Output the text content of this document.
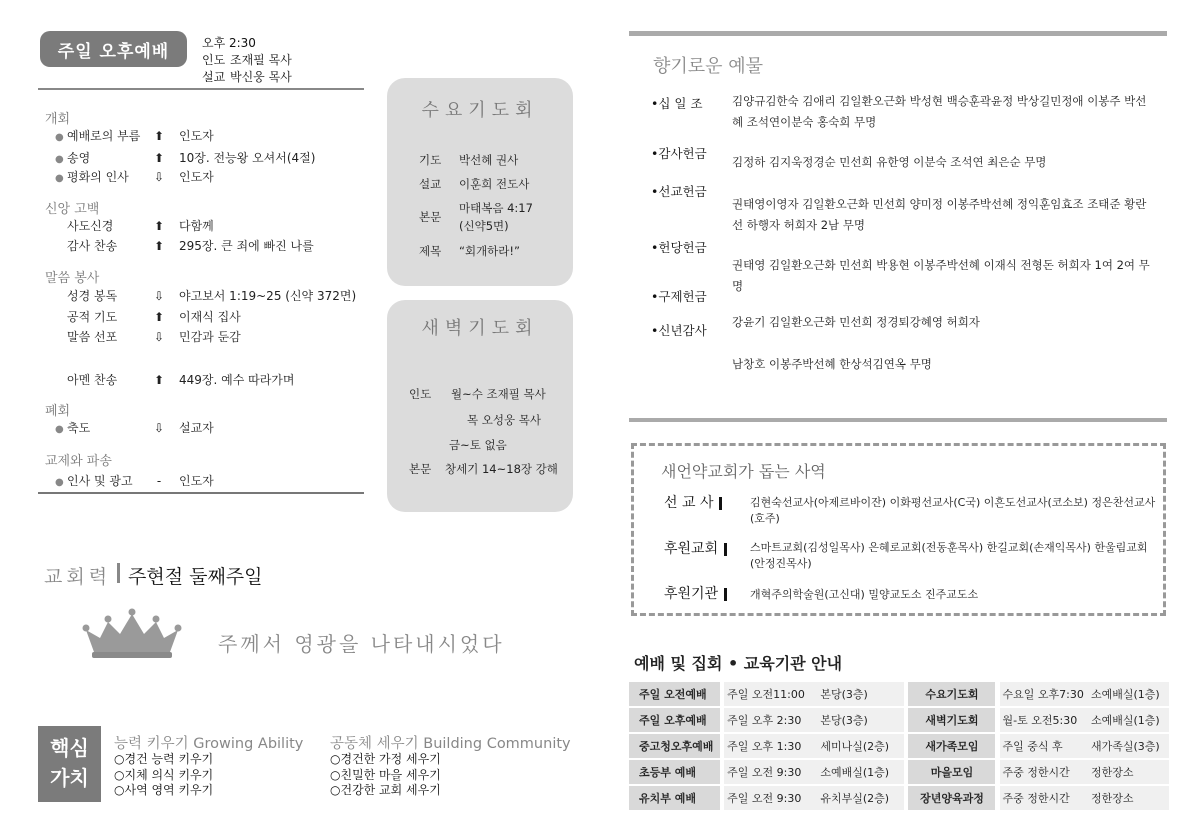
주일 오후예배	오후 2:30
인도 조재필 목사
설교 박신웅 목사
개회
● 예배로의 부름 ⬆ 인도자
● 송영	⬆ 10장. 전능왕 오셔서(4절)
● 평화의 인사 ⇩ 인도자
신앙 고백
사도신경	⬆ 다함께
감사 찬송	⬆ 295장. 큰 죄에 빠진 나를
말씀 봉사
성경 봉독	⇩ 야고보서 1:19~25 (신약 372면)
공적 기도	⬆ 이재식 집사
말씀 선포	⇩ 민감과 둔감
아멘 찬송	⬆ 449장. 예수 따라가며
폐회
● 축도	⇩ 설교자
교제와 파송
● 인사 및 광고	-	인도자
수요기도회
기도 박선혜 권사
설교 이훈희 전도사
본문
마태복음 4:17
(신약5면)
제목 “회개하라!”
새벽기도회
인도 월~수 조재필 목사
목 오성웅 목사
금~토 없음
본문 창세기 14~18장 강해
교회력 주현절 둘째주일
주께서 영광을 나타내시었다
핵심
가치
능력 키우기 Growing Ability
○경건 능력 키우기
○지체 의식 키우기
○사역 영역 키우기
공동체 세우기 Building Community
○경건한 가정 세우기
○친밀한 마을 세우기
○건강한 교회 세우기
향기로운 예물
•십 일 조	김양규김한숙 김애리 김일환오근화 박성현 백승훈곽윤정 박상길민정애 이봉주 박선혜 조석연이분숙 홍숙희 무명
•감사헌금
김정하 김지욱정경순 민선희 유한영 이분숙 조석연 최은순 무명
•선교헌금
권태영이영자 김일환오근화 민선희 양미정 이봉주박선혜 정익훈임효조 조태준 황란선 하행자 허희자 2남 무명
•헌당헌금
권태영 김일환오근화 민선희 박용현 이봉주박선혜 이재식 전형돈 허희자 1여 2여 무명
•구제헌금
강윤기 김일환오근화 민선희 정경퇴강혜영 허희자
•신년감사
남창호 이봉주박선혜 한상석김연옥 무명
새언약교회가 돕는 사역
선 교 사	김현숙선교사(아제르바이잔) 이화평선교사(C국) 이흔도선교사(코소보) 정은찬선교사(호주)
후원교회	스마트교회(김성일목사) 은혜로교회(전동훈목사) 한길교회(손재익목사) 한울림교회(안정진목사)
후원기관	개혁주의학술원(고신대) 밀양교도소 진주교도소
예배 및 집회 • 교육기관 안내
주일 오전예배		주일 오전11:00	본당(3층)		수요기도회		수요일 오후7:30	소예배실(1층)
주일 오후예배		주일 오후 2:30	본당(3층)		새벽기도회		월-토 오전5:30	소예배실(1층)
중고청오후예배		주일 오후 1:30	세미나실(2층)		새가족모임		주일 중식 후	새가족실(3층)
초등부 예배		주일 오전 9:30	소예배실(1층)		마을모임		주중 정한시간	정한장소
유치부 예배		주일 오전 9:30	유치부실(2층)		장년양육과정		주중 정한시간	정한장소
